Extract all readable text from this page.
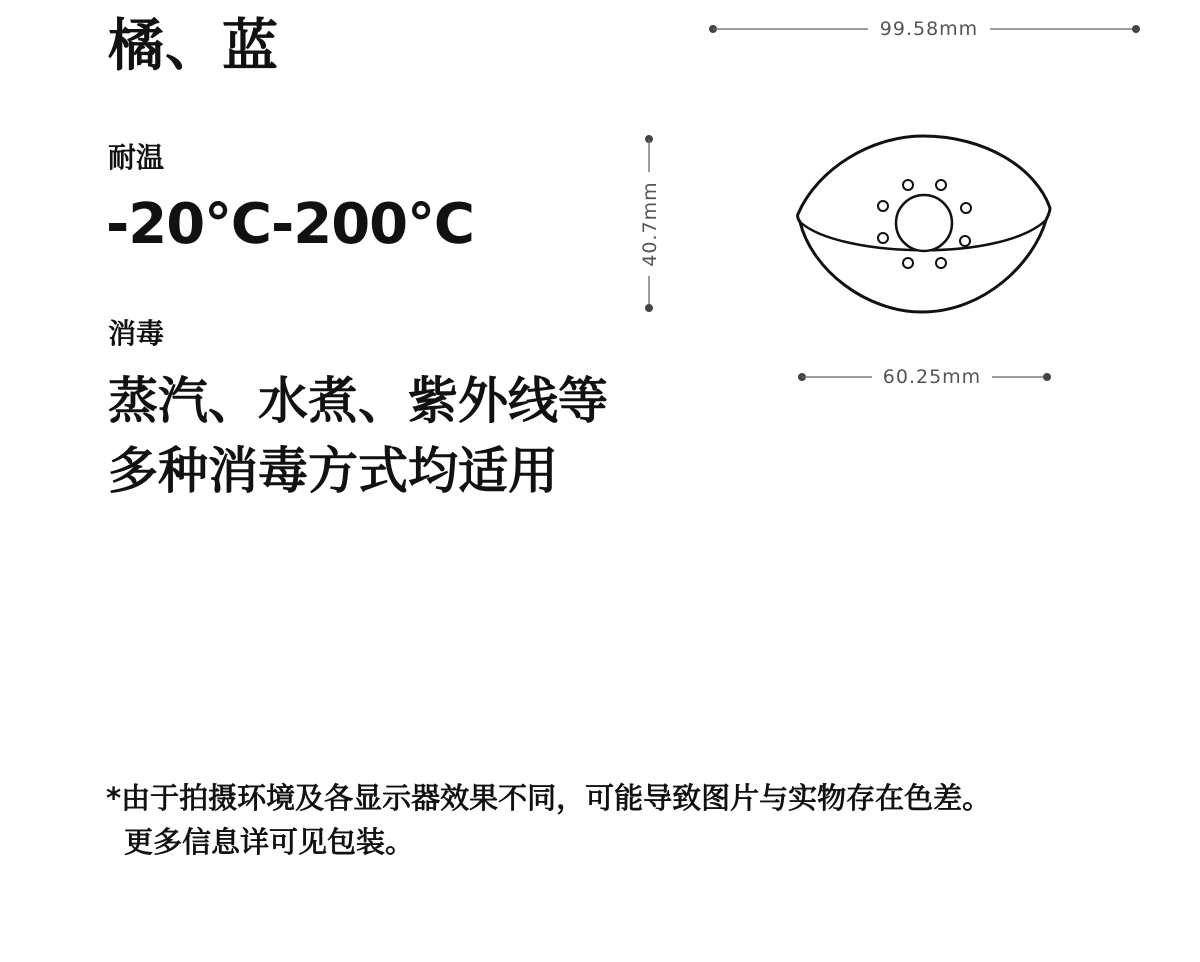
橘、蓝
耐温
-20℃-200℃
消毒
蒸汽、水煮、紫外线等
多种消毒方式均适用
99.58mm
40.7mm
60.25mm
*由于拍摄环境及各显示器效果不同，可能导致图片与实物存在色差。
更多信息详可见包装。
